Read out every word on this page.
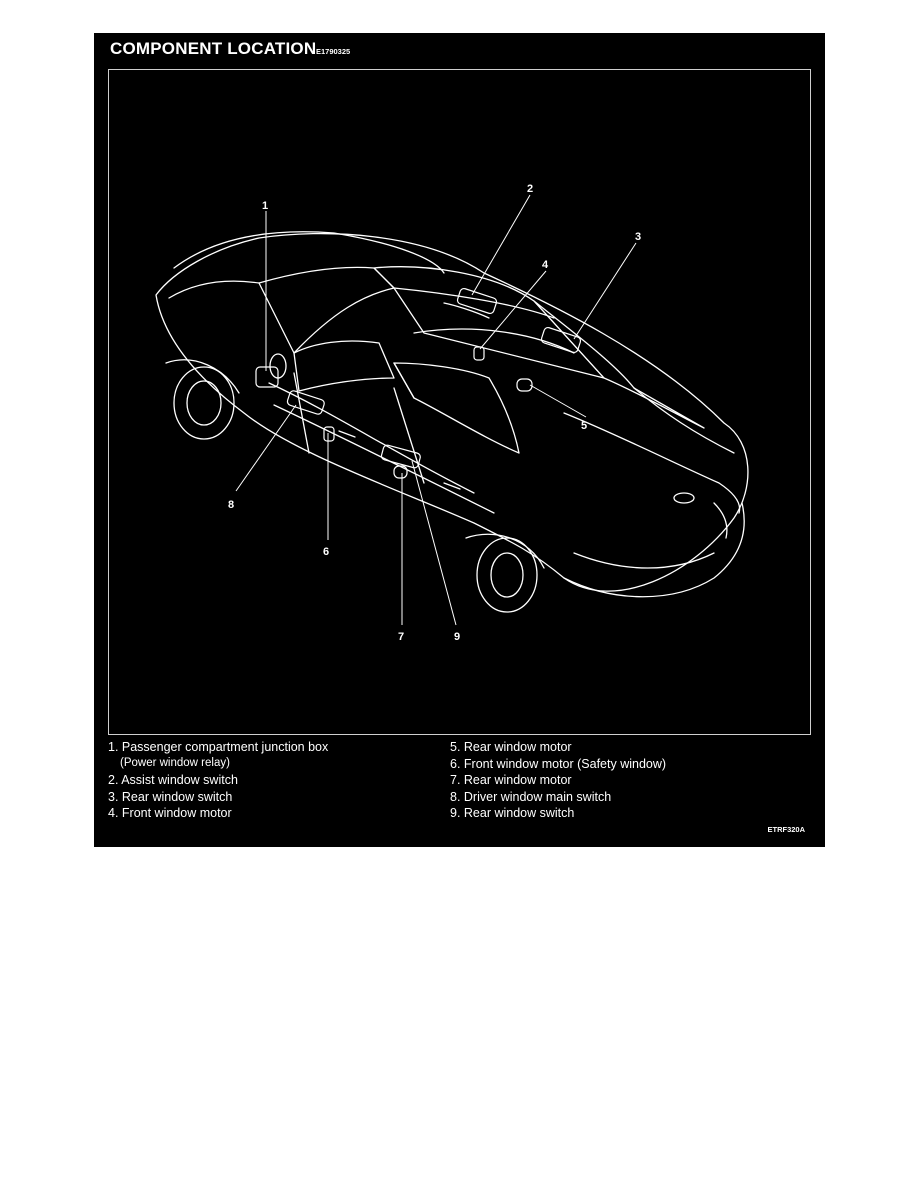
COMPONENT LOCATION E1790325
1
2
3
4
5
6
7
8
9
1. Passenger compartment junction box
(Power window relay)
2. Assist window switch
3. Rear window switch
4. Front window motor
5. Rear window motor
6. Front window motor (Safety window)
7. Rear window motor
8. Driver window main switch
9. Rear window switch
ETRF320A
